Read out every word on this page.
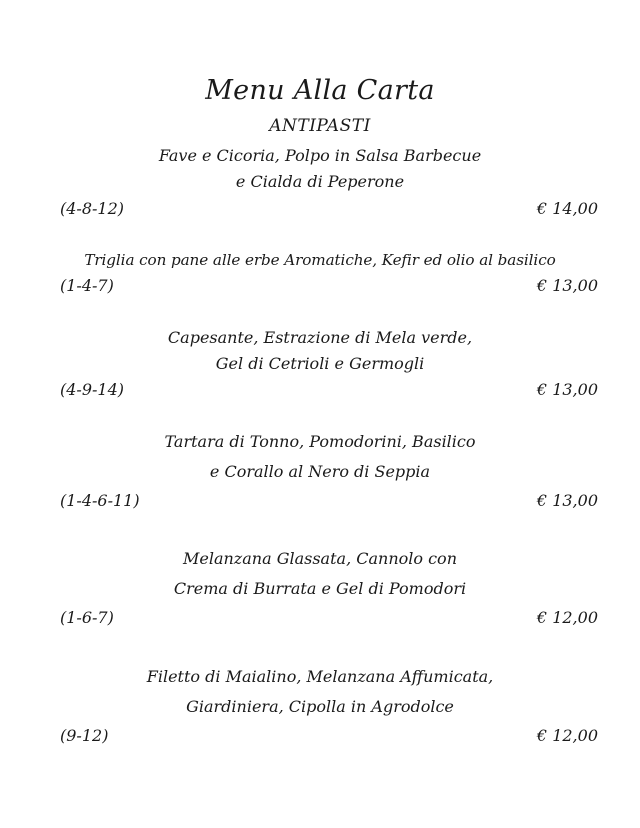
Menu Alla Carta
ANTIPASTI
Fave e Cicoria, Polpo in Salsa Barbecue
e Cialda di Peperone
(4-8-12)	€ 14,00
Triglia con pane alle erbe Aromatiche, Kefir ed olio al basilico
(1-4-7)	€ 13,00
Capesante, Estrazione di Mela verde,
Gel di Cetrioli e Germogli
(4-9-14)	€ 13,00
Tartara di Tonno, Pomodorini, Basilico
e Corallo al Nero di Seppia
(1-4-6-11)	€ 13,00
Melanzana Glassata, Cannolo con
Crema di Burrata e Gel di Pomodori
(1-6-7)	€ 12,00
Filetto di Maialino, Melanzana Affumicata,
Giardiniera, Cipolla in Agrodolce
(9-12)	€ 12,00
